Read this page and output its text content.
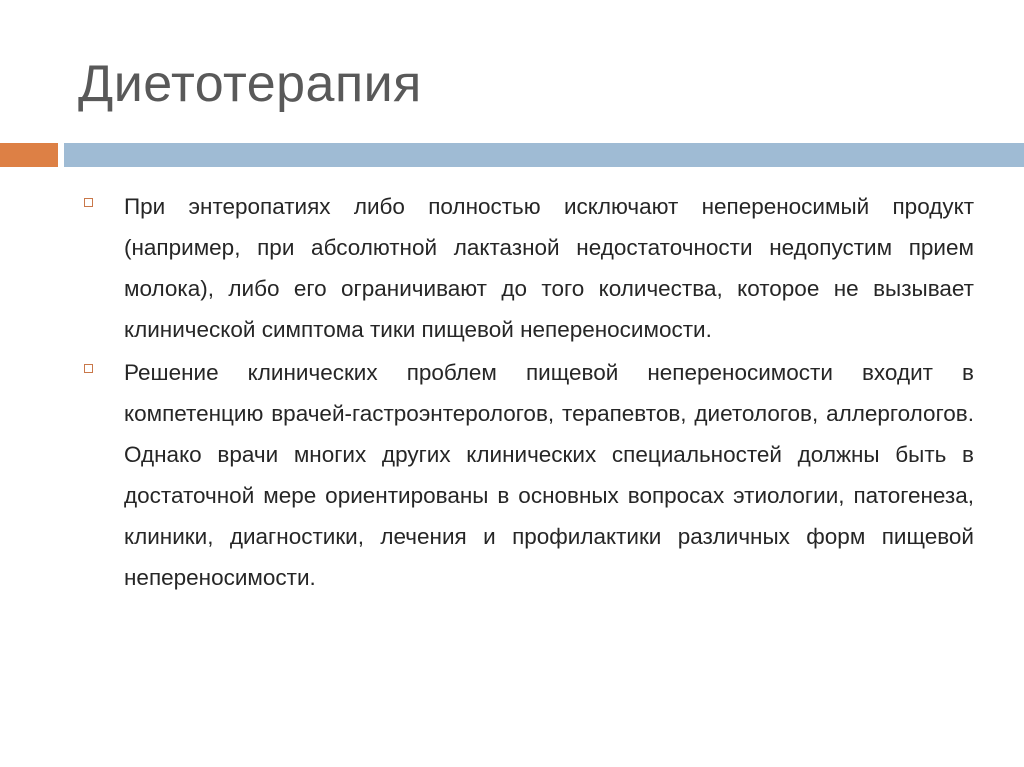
Диетотерапия
При энтеропатиях либо полностью исключают непереносимый продукт (например, при абсолютной лактазной недостаточности недопустим прием молока), либо его ограничивают до того количества, которое не вызывает клинической симптома тики пищевой непереносимости.
Решение клинических проблем пищевой непереносимости входит в компетенцию врачей-гастроэнтерологов, терапевтов, диетологов, аллергологов. Однако врачи многих других клинических специальностей должны быть в достаточной мере ориентированы в основных вопросах этиологии, патогенеза, клиники, диагностики, лечения и профилактики различных форм пищевой непереносимости.
